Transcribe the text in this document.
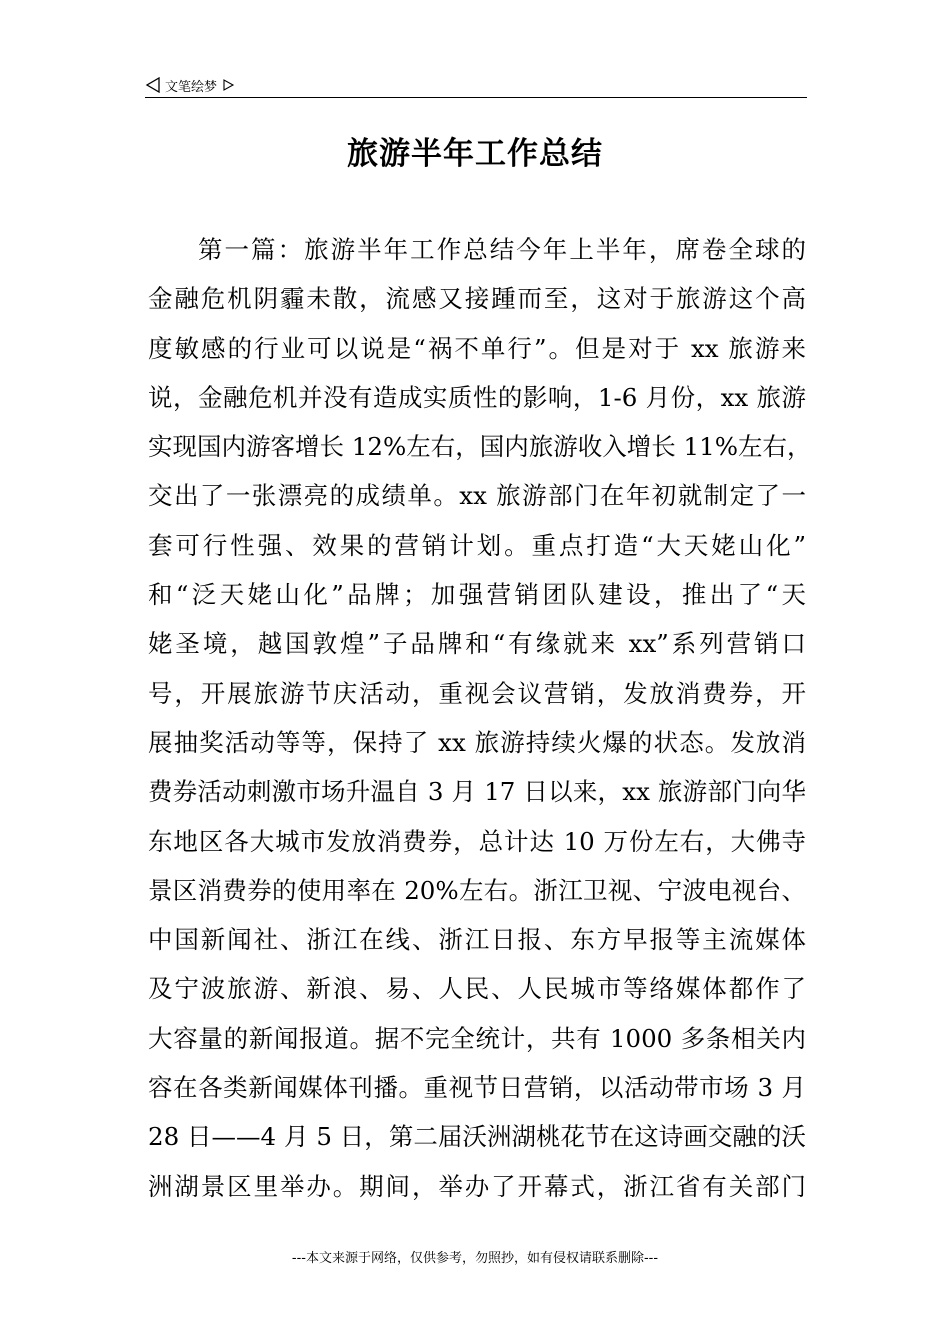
文笔绘梦
旅游半年工作总结
第一篇：旅游半年工作总结今年上半年，席卷全球的
金融危机阴霾未散，流感又接踵而至，这对于旅游这个高
度敏感的行业可以说是“祸不单行”。但是对于 xx 旅游来
说，金融危机并没有造成实质性的影响，1-6 月份，xx 旅游
实现国内游客增长 12%左右，国内旅游收入增长 11%左右，
交出了一张漂亮的成绩单。xx 旅游部门在年初就制定了一
套可行性强、效果的营销计划。重点打造“大天姥山化”
和“泛天姥山化”品牌；加强营销团队建设，推出了“天
姥圣境，越国敦煌”子品牌和“有缘就来 xx”系列营销口
号，开展旅游节庆活动，重视会议营销，发放消费券，开
展抽奖活动等等，保持了 xx 旅游持续火爆的状态。发放消
费券活动刺激市场升温自 3 月 17 日以来，xx 旅游部门向华
东地区各大城市发放消费券，总计达 10 万份左右，大佛寺
景区消费券的使用率在 20%左右。浙江卫视、宁波电视台、
中国新闻社、浙江在线、浙江日报、东方早报等主流媒体
及宁波旅游、新浪、易、人民、人民城市等络媒体都作了
大容量的新闻报道。据不完全统计，共有 1000 多条相关内
容在各类新闻媒体刊播。重视节日营销，以活动带市场 3 月
28 日——4 月 5 日，第二届沃洲湖桃花节在这诗画交融的沃
洲湖景区里举办。期间，举办了开幕式，浙江省有关部门
---本文来源于网络，仅供参考，勿照抄，如有侵权请联系删除---
